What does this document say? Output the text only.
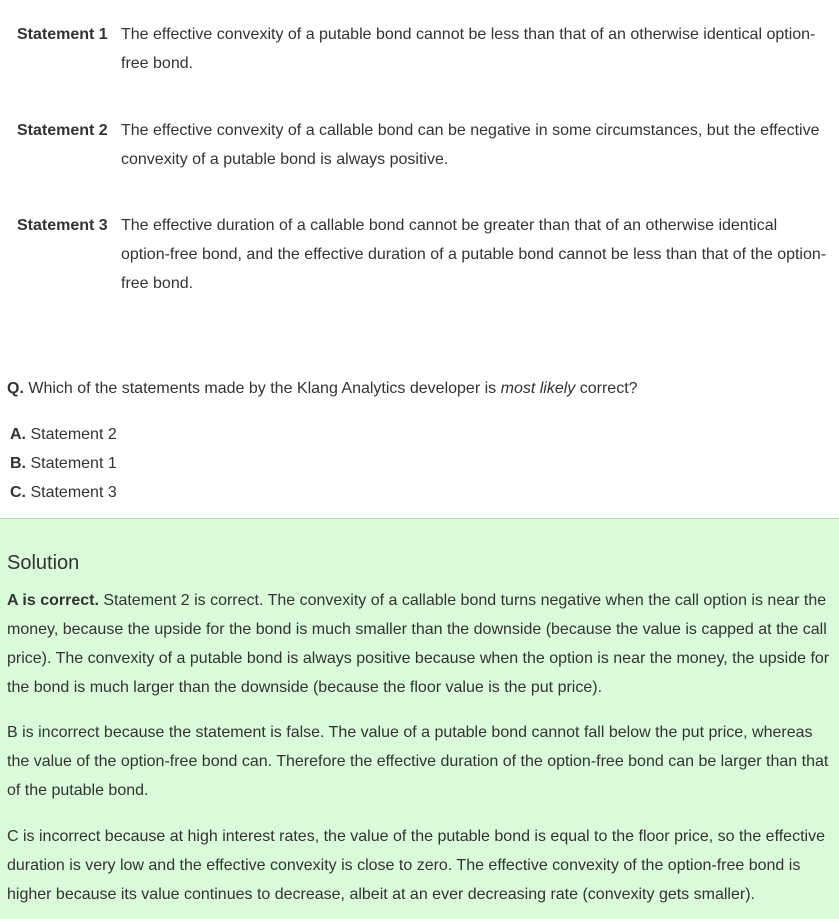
Statement 1 The effective convexity of a putable bond cannot be less than that of an otherwise identical option-free bond.
Statement 2 The effective convexity of a callable bond can be negative in some circumstances, but the effective convexity of a putable bond is always positive.
Statement 3 The effective duration of a callable bond cannot be greater than that of an otherwise identical option-free bond, and the effective duration of a putable bond cannot be less than that of the option-free bond.
Q. Which of the statements made by the Klang Analytics developer is most likely correct?
A. Statement 2
B. Statement 1
C. Statement 3
Solution
A is correct. Statement 2 is correct. The convexity of a callable bond turns negative when the call option is near the money, because the upside for the bond is much smaller than the downside (because the value is capped at the call price). The convexity of a putable bond is always positive because when the option is near the money, the upside for the bond is much larger than the downside (because the floor value is the put price).
B is incorrect because the statement is false. The value of a putable bond cannot fall below the put price, whereas the value of the option-free bond can. Therefore the effective duration of the option-free bond can be larger than that of the putable bond.
C is incorrect because at high interest rates, the value of the putable bond is equal to the floor price, so the effective duration is very low and the effective convexity is close to zero. The effective convexity of the option-free bond is higher because its value continues to decrease, albeit at an ever decreasing rate (convexity gets smaller).
